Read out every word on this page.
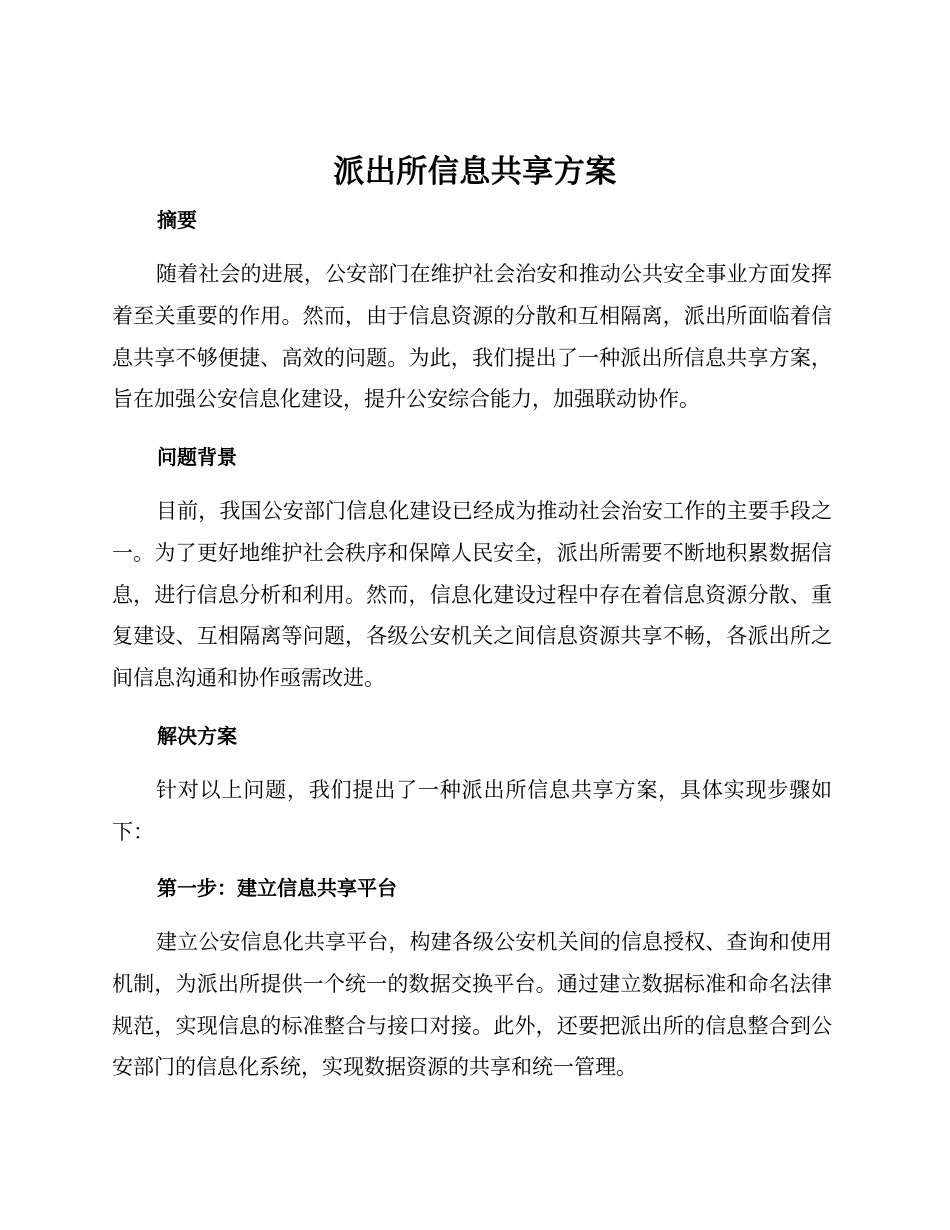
派出所信息共享方案
摘要

随着社会的进展，公安部门在维护社会治安和推动公共安全事业方面发挥着至关重要的作用。然而，由于信息资源的分散和互相隔离，派出所面临着信息共享不够便捷、高效的问题。为此，我们提出了一种派出所信息共享方案，旨在加强公安信息化建设，提升公安综合能力，加强联动协作。

问题背景

目前，我国公安部门信息化建设已经成为推动社会治安工作的主要手段之一。为了更好地维护社会秩序和保障人民安全，派出所需要不断地积累数据信息，进行信息分析和利用。然而，信息化建设过程中存在着信息资源分散、重复建设、互相隔离等问题，各级公安机关之间信息资源共享不畅，各派出所之间信息沟通和协作亟需改进。

解决方案

针对以上问题，我们提出了一种派出所信息共享方案，具体实现步骤如下：

第一步：建立信息共享平台

建立公安信息化共享平台，构建各级公安机关间的信息授权、查询和使用机制，为派出所提供一个统一的数据交换平台。通过建立数据标准和命名法律规范，实现信息的标准整合与接口对接。此外，还要把派出所的信息整合到公安部门的信息化系统，实现数据资源的共享和统一管理。
